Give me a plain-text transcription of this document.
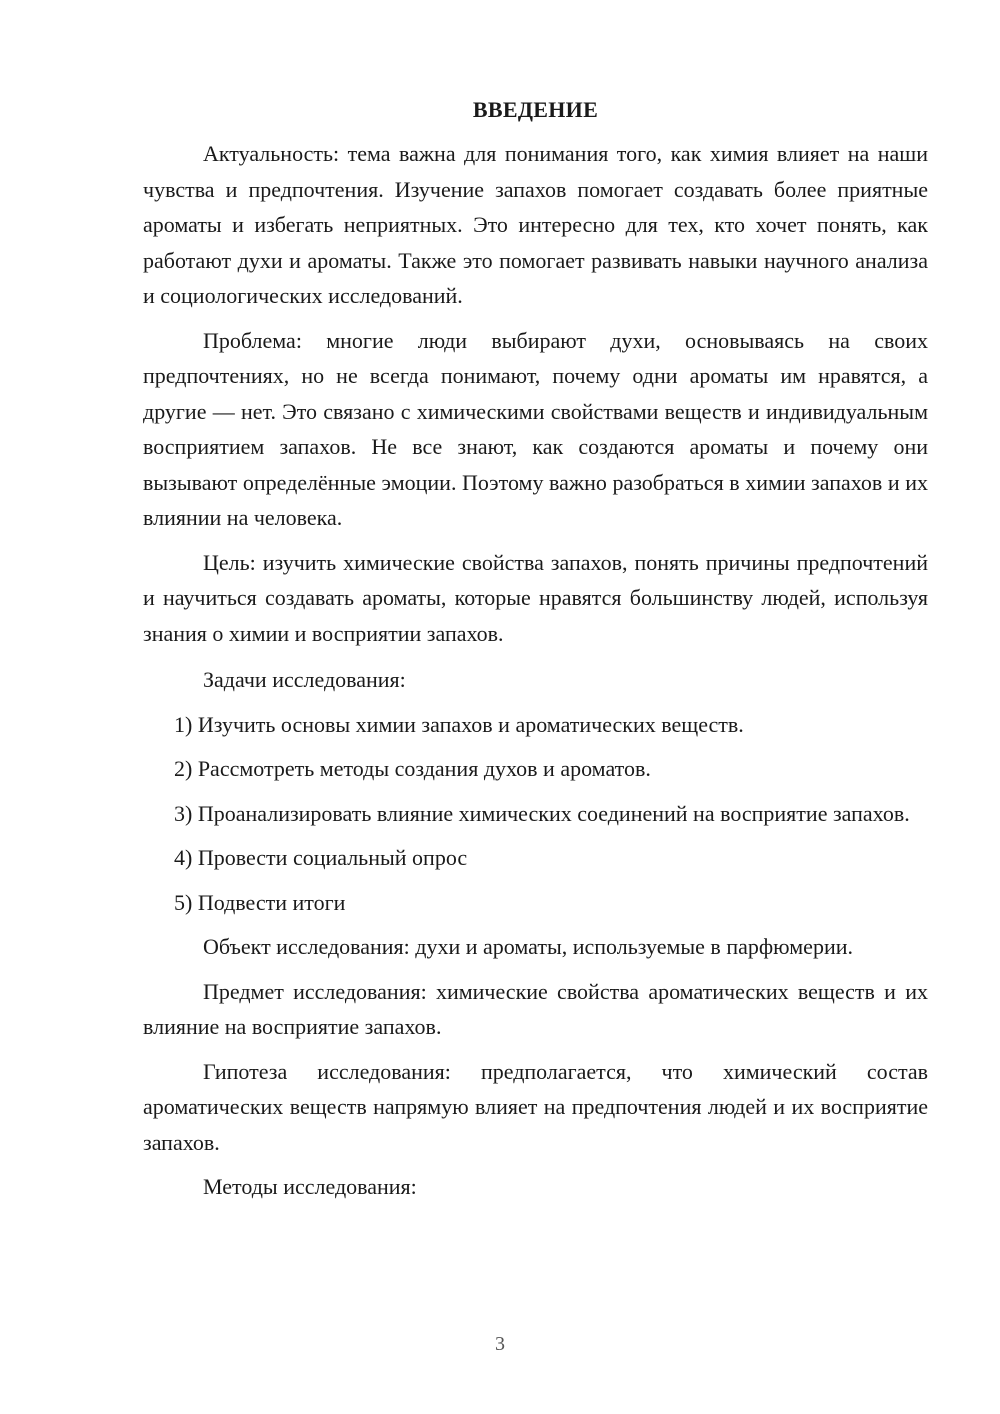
ВВЕДЕНИЕ

Актуальность: тема важна для понимания того, как химия влияет на наши чувства и предпочтения. Изучение запахов помогает создавать более приятные ароматы и избегать неприятных. Это интересно для тех, кто хочет понять, как работают духи и ароматы. Также это помогает развивать навыки научного анализа и социологических исследований.

Проблема: многие люди выбирают духи, основываясь на своих предпочтениях, но не всегда понимают, почему одни ароматы им нравятся, а другие — нет. Это связано с химическими свойствами веществ и индивидуальным восприятием запахов. Не все знают, как создаются ароматы и почему они вызывают определённые эмоции. Поэтому важно разобраться в химии запахов и их влиянии на человека.

Цель: изучить химические свойства запахов, понять причины предпочтений и научиться создавать ароматы, которые нравятся большинству людей, используя знания о химии и восприятии запахов.

Задачи исследования:

1) Изучить основы химии запахов и ароматических веществ.

2) Рассмотреть методы создания духов и ароматов.

3) Проанализировать влияние химических соединений на восприятие запахов.

4) Провести социальный опрос

5) Подвести итоги

Объект исследования: духи и ароматы, используемые в парфюмерии.

Предмет исследования: химические свойства ароматических веществ и их влияние на восприятие запахов.

Гипотеза исследования: предполагается, что химический состав ароматических веществ напрямую влияет на предпочтения людей и их восприятие запахов.

Методы исследования:

3
